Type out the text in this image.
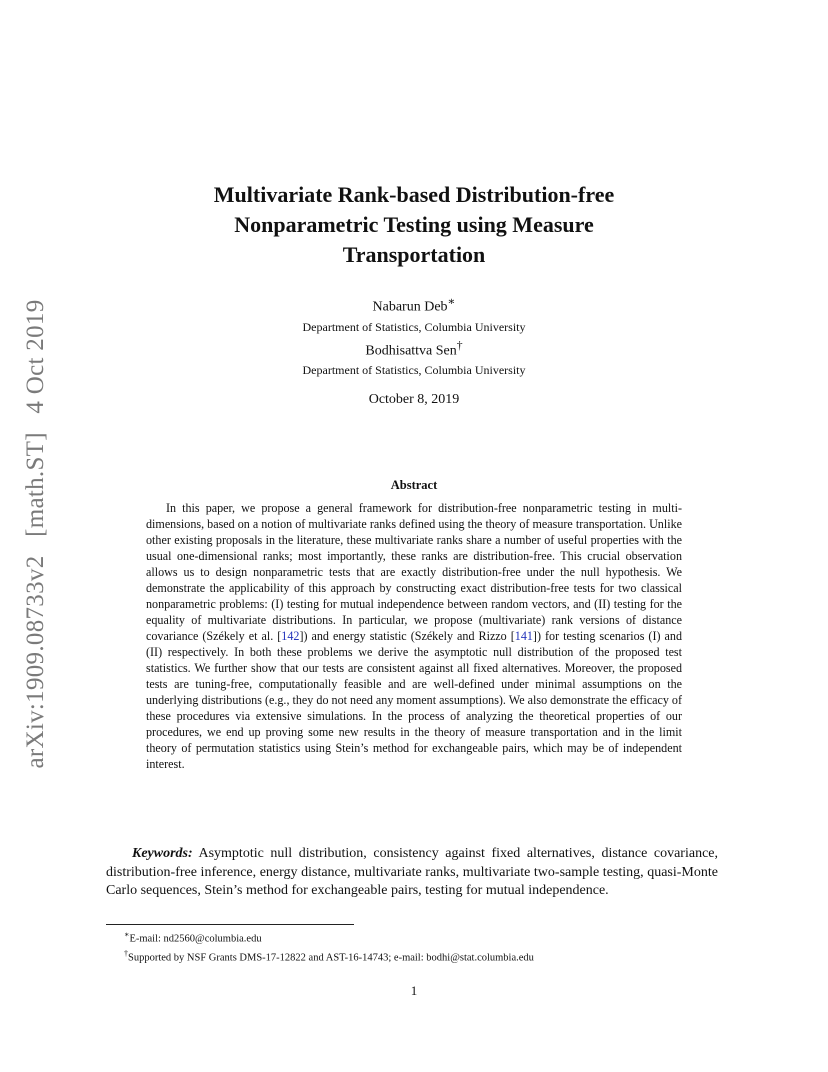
arXiv:1909.08733v2 [math.ST] 4 Oct 2019
Multivariate Rank-based Distribution-free
Nonparametric Testing using Measure
Transportation
Nabarun Deb∗
Department of Statistics, Columbia University
Bodhisattva Sen†
Department of Statistics, Columbia University
October 8, 2019
Abstract
In this paper, we propose a general framework for distribution-free nonparametric testing in multi-dimensions, based on a notion of multivariate ranks defined using the theory of measure transportation. Unlike other existing proposals in the literature, these multivariate ranks share a number of useful properties with the usual one-dimensional ranks; most importantly, these ranks are distribution-free. This crucial observation allows us to design nonparametric tests that are exactly distribution-free under the null hypothesis. We demonstrate the applicability of this approach by constructing exact distribution-free tests for two classical nonparametric problems: (I) testing for mutual independence between random vectors, and (II) testing for the equality of multivariate distributions. In particular, we propose (multivariate) rank versions of distance covariance (Székely et al. [142]) and energy statistic (Székely and Rizzo [141]) for testing scenarios (I) and (II) respectively. In both these problems we derive the asymptotic null distribution of the proposed test statistics. We further show that our tests are consistent against all fixed alternatives. Moreover, the proposed tests are tuning-free, computationally feasible and are well-defined under minimal assumptions on the underlying distributions (e.g., they do not need any moment assumptions). We also demonstrate the efficacy of these procedures via extensive simulations. In the process of analyzing the theoretical properties of our procedures, we end up proving some new results in the theory of measure transportation and in the limit theory of permutation statistics using Stein’s method for exchangeable pairs, which may be of independent interest.
Keywords: Asymptotic null distribution, consistency against fixed alternatives, distance covariance, distribution-free inference, energy distance, multivariate ranks, multivariate two-sample testing, quasi-Monte Carlo sequences, Stein’s method for exchangeable pairs, testing for mutual independence.
∗E-mail: nd2560@columbia.edu
†Supported by NSF Grants DMS-17-12822 and AST-16-14743; e-mail: bodhi@stat.columbia.edu
1
